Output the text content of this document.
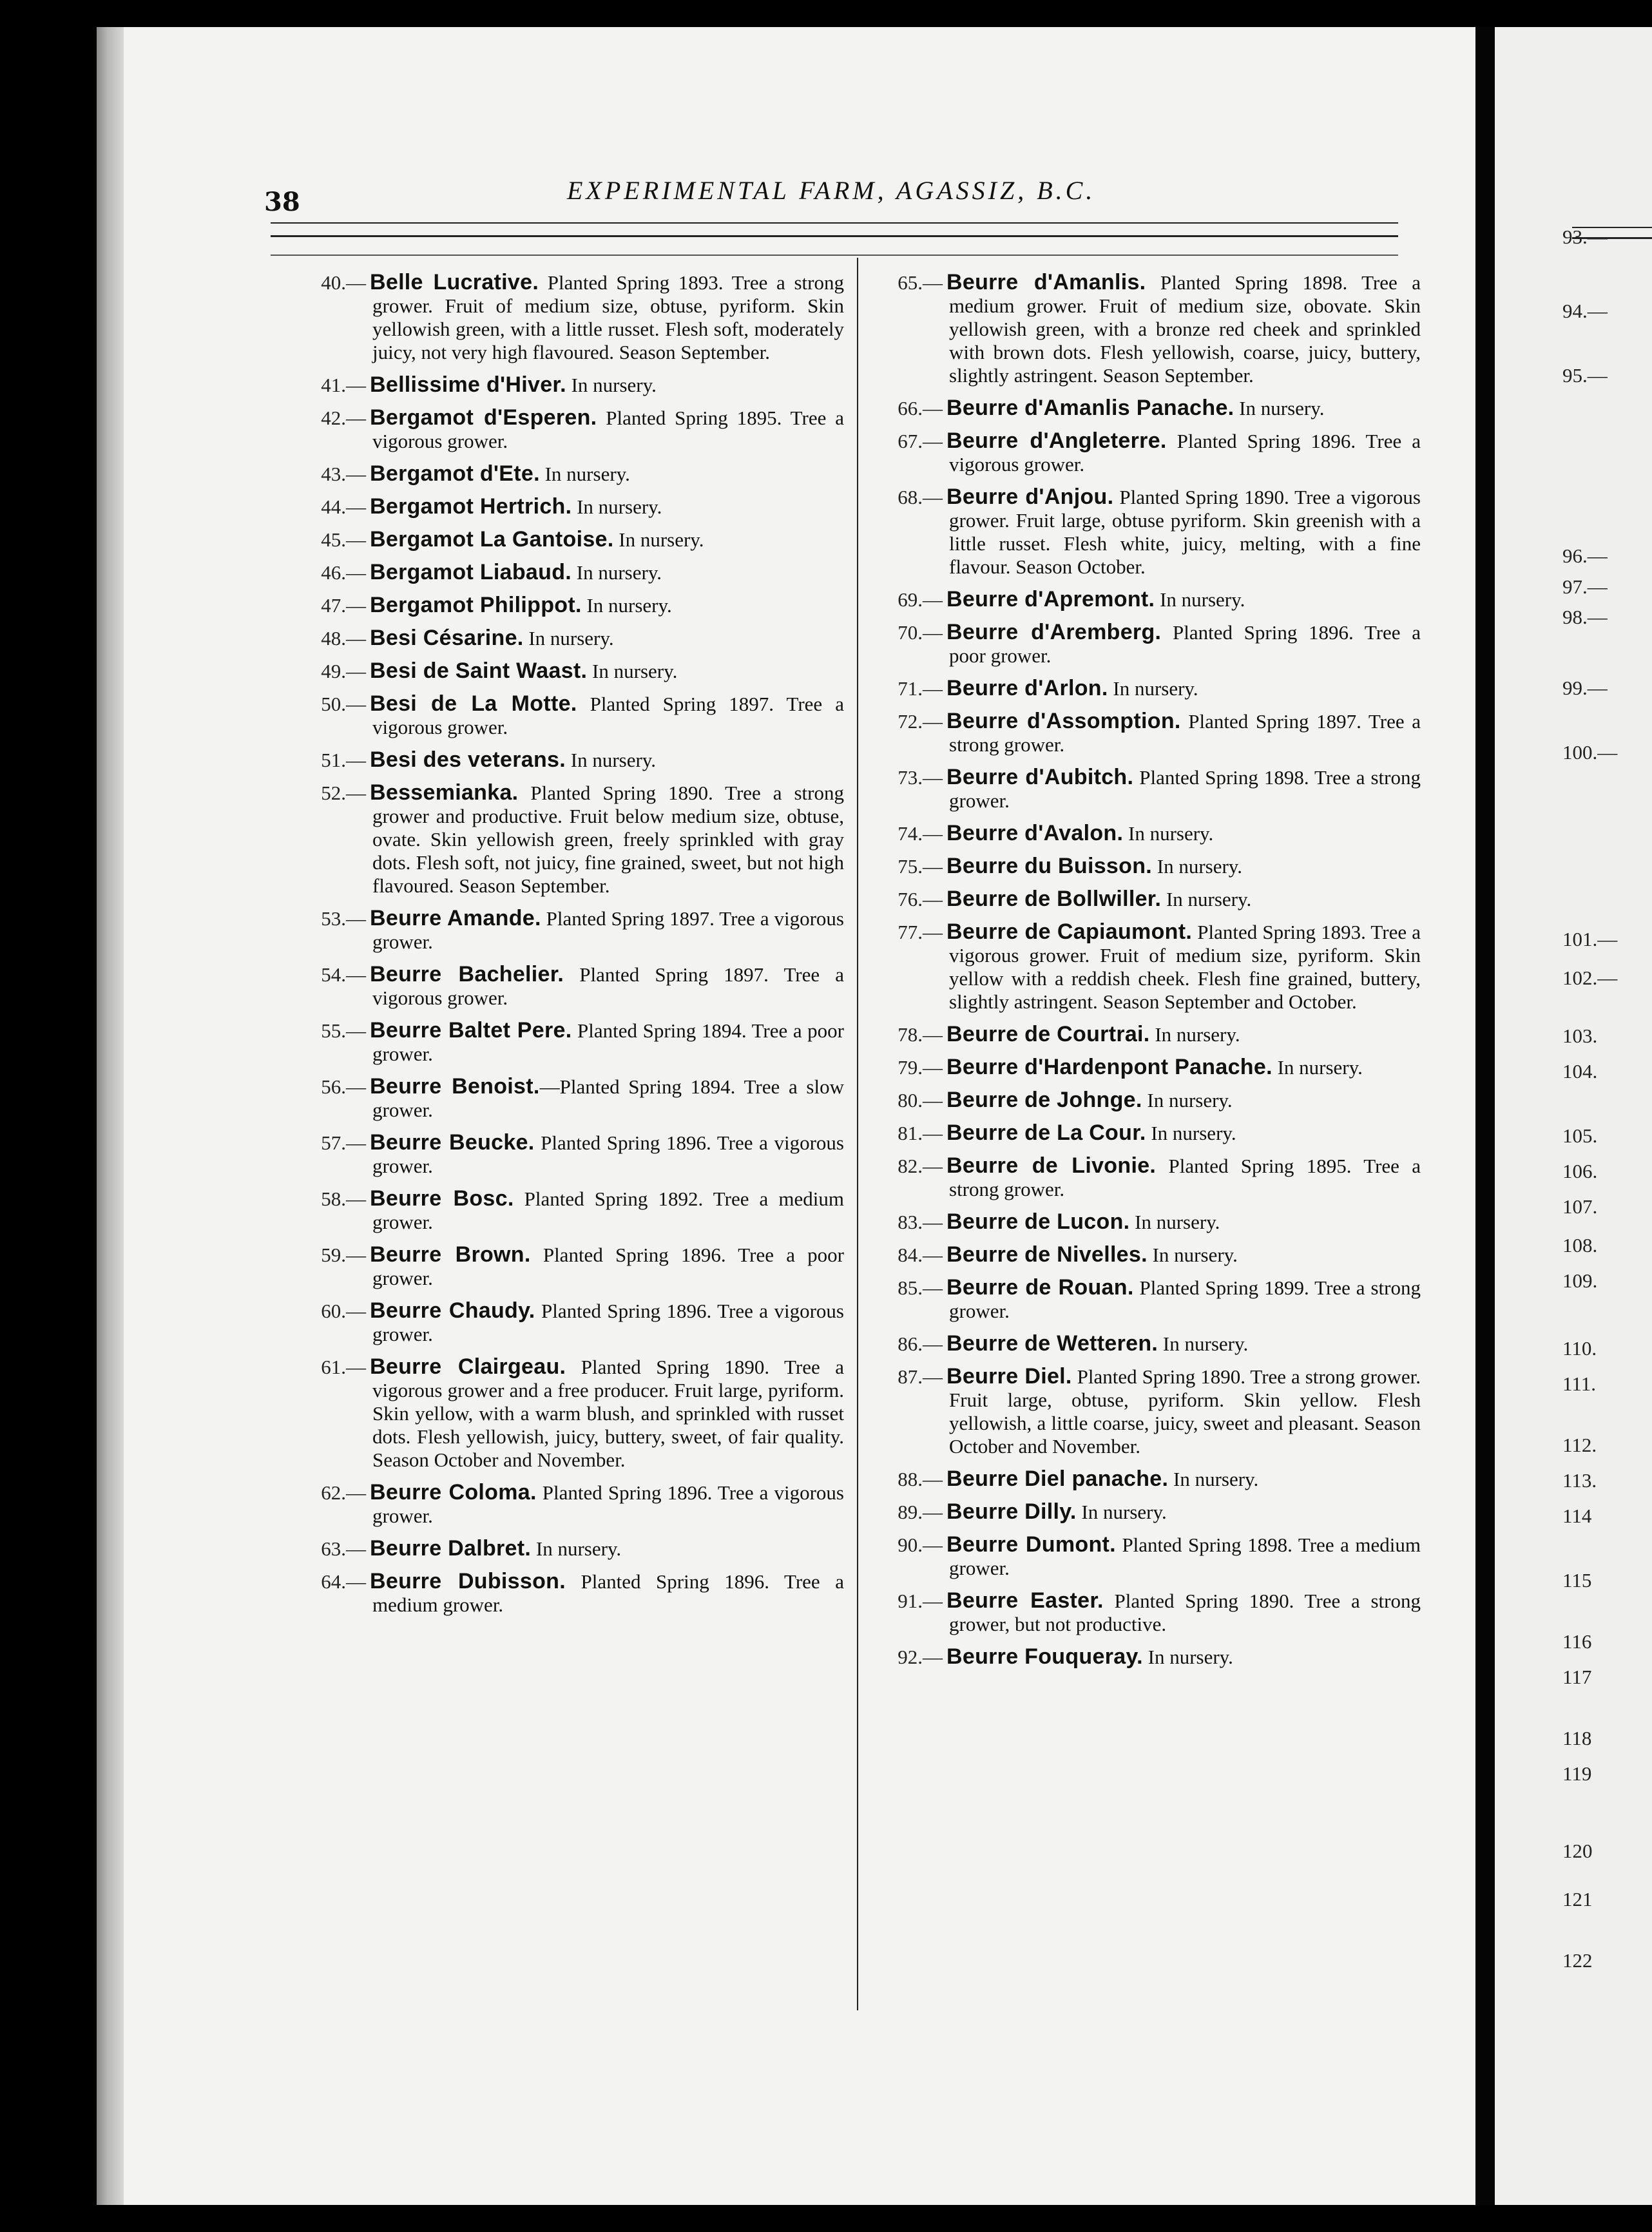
38	EXPERIMENTAL FARM, AGASSIZ, B.C.
40.— Belle Lucrative. Planted Spring 1893. Tree a strong grower. Fruit of medium size, obtuse, pyriform. Skin yellowish green, with a little russet. Flesh soft, moderately juicy, not very high flavoured. Season September.
41.— Bellissime d'Hiver. In nursery.
42.— Bergamot d'Esperen. Planted Spring 1895. Tree a vigorous grower.
43.— Bergamot d'Ete. In nursery.
44.— Bergamot Hertrich. In nursery.
45.— Bergamot La Gantoise. In nursery.
46.— Bergamot Liabaud. In nursery.
47.— Bergamot Philippot. In nursery.
48.— Besi Césarine. In nursery.
49.— Besi de Saint Waast. In nursery.
50.— Besi de La Motte. Planted Spring 1897. Tree a vigorous grower.
51.— Besi des veterans. In nursery.
52.— Bessemianka. Planted Spring 1890. Tree a strong grower and productive. Fruit below medium size, obtuse, ovate. Skin yellowish green, freely sprinkled with gray dots. Flesh soft, not juicy, fine grained, sweet, but not high flavoured. Season September.
53.— Beurre Amande. Planted Spring 1897. Tree a vigorous grower.
54.— Beurre Bachelier. Planted Spring 1897. Tree a vigorous grower.
55.— Beurre Baltet Pere. Planted Spring 1894. Tree a poor grower.
56.— Beurre Benoist.—Planted Spring 1894. Tree a slow grower.
57.— Beurre Beucke. Planted Spring 1896. Tree a vigorous grower.
58.— Beurre Bosc. Planted Spring 1892. Tree a medium grower.
59.— Beurre Brown. Planted Spring 1896. Tree a poor grower.
60.— Beurre Chaudy. Planted Spring 1896. Tree a vigorous grower.
61.— Beurre Clairgeau. Planted Spring 1890. Tree a vigorous grower and a free producer. Fruit large, pyriform. Skin yellow, with a warm blush, and sprinkled with russet dots. Flesh yellowish, juicy, buttery, sweet, of fair quality. Season October and November.
62.— Beurre Coloma. Planted Spring 1896. Tree a vigorous grower.
63.— Beurre Dalbret. In nursery.
64.— Beurre Dubisson. Planted Spring 1896. Tree a medium grower.
65.— Beurre d'Amanlis. Planted Spring 1898. Tree a medium grower. Fruit of medium size, obovate. Skin yellowish green, with a bronze red cheek and sprinkled with brown dots. Flesh yellowish, coarse, juicy, buttery, slightly astringent. Season September.
66.— Beurre d'Amanlis Panache. In nursery.
67.— Beurre d'Angleterre. Planted Spring 1896. Tree a vigorous grower.
68.— Beurre d'Anjou. Planted Spring 1890. Tree a vigorous grower. Fruit large, obtuse pyriform. Skin greenish with a little russet. Flesh white, juicy, melting, with a fine flavour. Season October.
69.— Beurre d'Apremont. In nursery.
70.— Beurre d'Aremberg. Planted Spring 1896. Tree a poor grower.
71.— Beurre d'Arlon. In nursery.
72.— Beurre d'Assomption. Planted Spring 1897. Tree a strong grower.
73.— Beurre d'Aubitch. Planted Spring 1898. Tree a strong grower.
74.— Beurre d'Avalon. In nursery.
75.— Beurre du Buisson. In nursery.
76.— Beurre de Bollwiller. In nursery.
77.— Beurre de Capiaumont. Planted Spring 1893. Tree a vigorous grower. Fruit of medium size, pyriform. Skin yellow with a reddish cheek. Flesh fine grained, buttery, slightly astringent. Season September and October.
78.— Beurre de Courtrai. In nursery.
79.— Beurre d'Hardenpont Panache. In nursery.
80.— Beurre de Johnge. In nursery.
81.— Beurre de La Cour. In nursery.
82.— Beurre de Livonie. Planted Spring 1895. Tree a strong grower.
83.— Beurre de Lucon. In nursery.
84.— Beurre de Nivelles. In nursery.
85.— Beurre de Rouan. Planted Spring 1899. Tree a strong grower.
86.— Beurre de Wetteren. In nursery.
87.— Beurre Diel. Planted Spring 1890. Tree a strong grower. Fruit large, obtuse, pyriform. Skin yellow. Flesh yellowish, a little coarse, juicy, sweet and pleasant. Season October and November.
88.— Beurre Diel panache. In nursery.
89.— Beurre Dilly. In nursery.
90.— Beurre Dumont. Planted Spring 1898. Tree a medium grower.
91.— Beurre Easter. Planted Spring 1890. Tree a strong grower, but not productive.
92.— Beurre Fouqueray. In nursery.
93.—
94.—
95.—
96.—
97.—
98.—
99.—
100.—
101.—
102.—
103.
104.
105.
106.
107.
108.
109.
110.
111.
112.
113.
114
115
116
117
118
119
120
121
122
